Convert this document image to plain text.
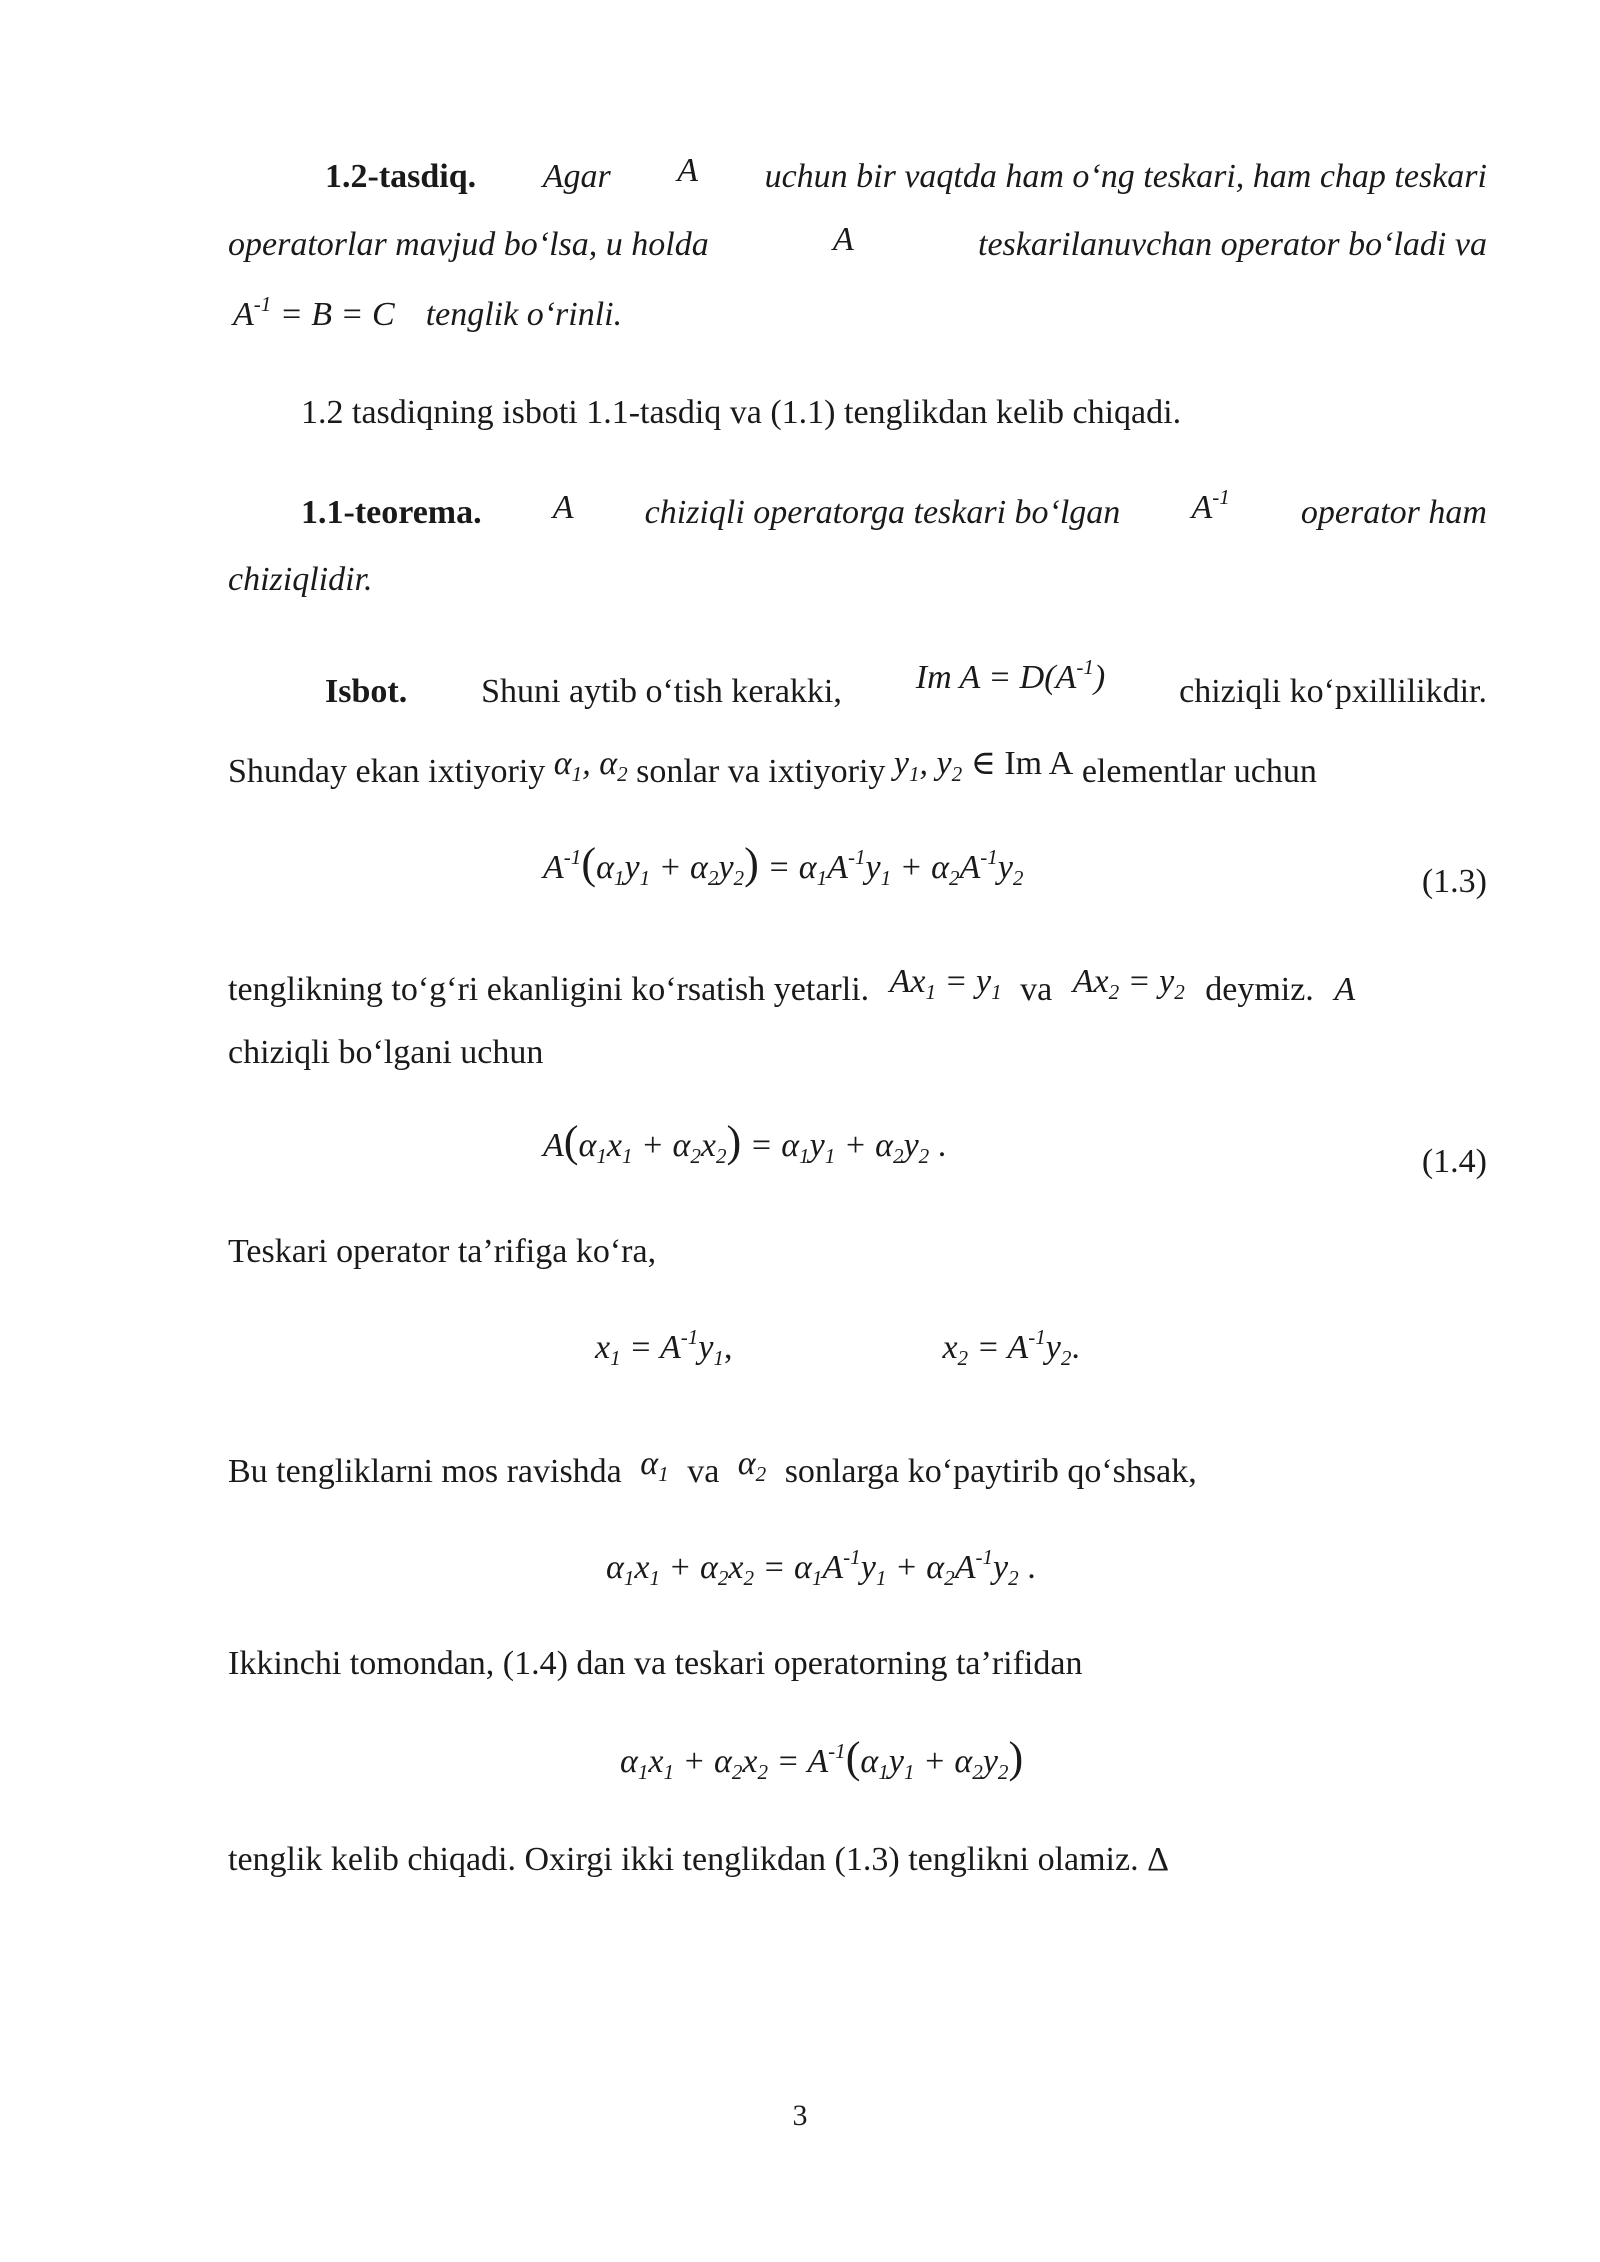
1.2-tasdiq. Agar A uchun bir vaqtda ham o‘ng teskari, ham chap teskari
operatorlar mavjud bo‘lsa, u holda	A	teskarilanuvchan operator bo‘ladi va
$A^{-1} = B = C$ tenglik o‘rinli.
1.2 tasdiqning isboti 1.1-tasdiq va (1.1) tenglikdan kelib chiqadi.
1.1-teorema. A chiziqli operatorga teskari bo‘lgan $A^{-1}$ operator ham
chiziqlidir.
Isbot. Shuni aytib o‘tish kerakki, Im $A = D(A^{-1})$ chiziqli ko‘pxillilikdir.
Shunday ekan ixtiyoriy $\alpha_1$, $\alpha_2$ sonlar va ixtiyoriy $y_1$, $y_2$ ∈ Im A elementlar uchun
$A^{-1}(\alpha_1y_1 + \alpha_2y_2) = \alpha_1A^{-1}y_1 + \alpha_2A^{-1}y_2$	(1.3)
tenglikning to‘g‘ri ekanligini ko‘rsatish yetarli. $Ax_1 = y_1$ va $Ax_2 = y_2$ deymiz. A
chiziqli bo‘lgani uchun
$A(\alpha_1x_1 + \alpha_2x_2) = \alpha_1y_1 + \alpha_2y_2$ .	(1.4)
Teskari operator ta’rifiga ko‘ra,
$x_1 = A^{-1}y_1$,	$x_2 = A^{-1}y_2$.
Bu tengliklarni mos ravishda $\alpha_1$ va $\alpha_2$ sonlarga ko‘paytirib qo‘shsak,
$\alpha_1x_1 + \alpha_2x_2 = \alpha_1A^{-1}y_1 + \alpha_2A^{-1}y_2$ .
Ikkinchi tomondan, (1.4) dan va teskari operatorning ta’rifidan
$\alpha_1x_1 + \alpha_2x_2 = A^{-1}(\alpha_1y_1 + \alpha_2y_2)$
tenglik kelib chiqadi. Oxirgi ikki tenglikdan (1.3) tenglikni olamiz. Δ
3
